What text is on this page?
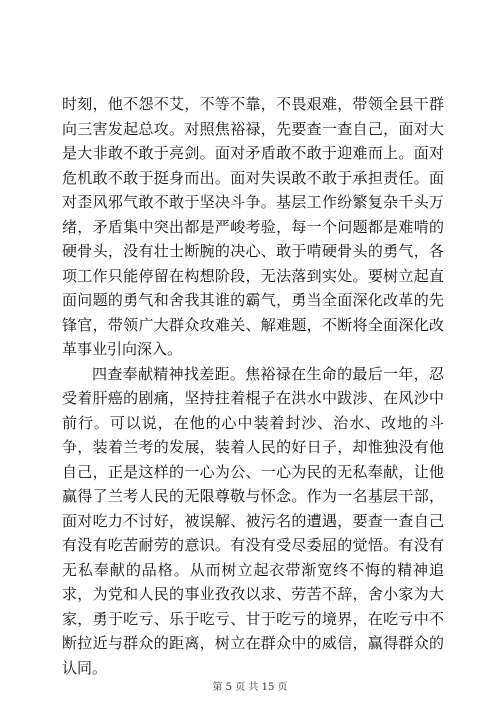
时刻，他不怨不艾，不等不靠，不畏艰难，带领全县干群向三害发起总攻。对照焦裕禄，先要查一查自己，面对大是大非敢不敢于亮剑。面对矛盾敢不敢于迎难而上。面对危机敢不敢于挺身而出。面对失误敢不敢于承担责任。面对歪风邪气敢不敢于坚决斗争。基层工作纷繁复杂千头万绪，矛盾集中突出都是严峻考验，每一个问题都是难啃的硬骨头，没有壮士断腕的决心、敢于啃硬骨头的勇气，各项工作只能停留在构想阶段，无法落到实处。要树立起直面问题的勇气和舍我其谁的霸气，勇当全面深化改革的先锋官，带领广大群众攻难关、解难题，不断将全面深化改革事业引向深入。

四查奉献精神找差距。焦裕禄在生命的最后一年，忍受着肝癌的剧痛，坚持拄着棍子在洪水中跋涉、在风沙中前行。可以说，在他的心中装着封沙、治水、改地的斗争，装着兰考的发展，装着人民的好日子，却惟独没有他自己，正是这样的一心为公、一心为民的无私奉献，让他赢得了兰考人民的无限尊敬与怀念。作为一名基层干部，面对吃力不讨好，被误解、被污名的遭遇，要查一查自己有没有吃苦耐劳的意识。有没有受尽委屈的觉悟。有没有无私奉献的品格。从而树立起衣带渐宽终不悔的精神追求，为党和人民的事业孜孜以求、劳苦不辞，舍小家为大家，勇于吃亏、乐于吃亏、甘于吃亏的境界，在吃亏中不断拉近与群众的距离，树立在群众中的威信，赢得群众的认同。

第 5 页 共 15 页
